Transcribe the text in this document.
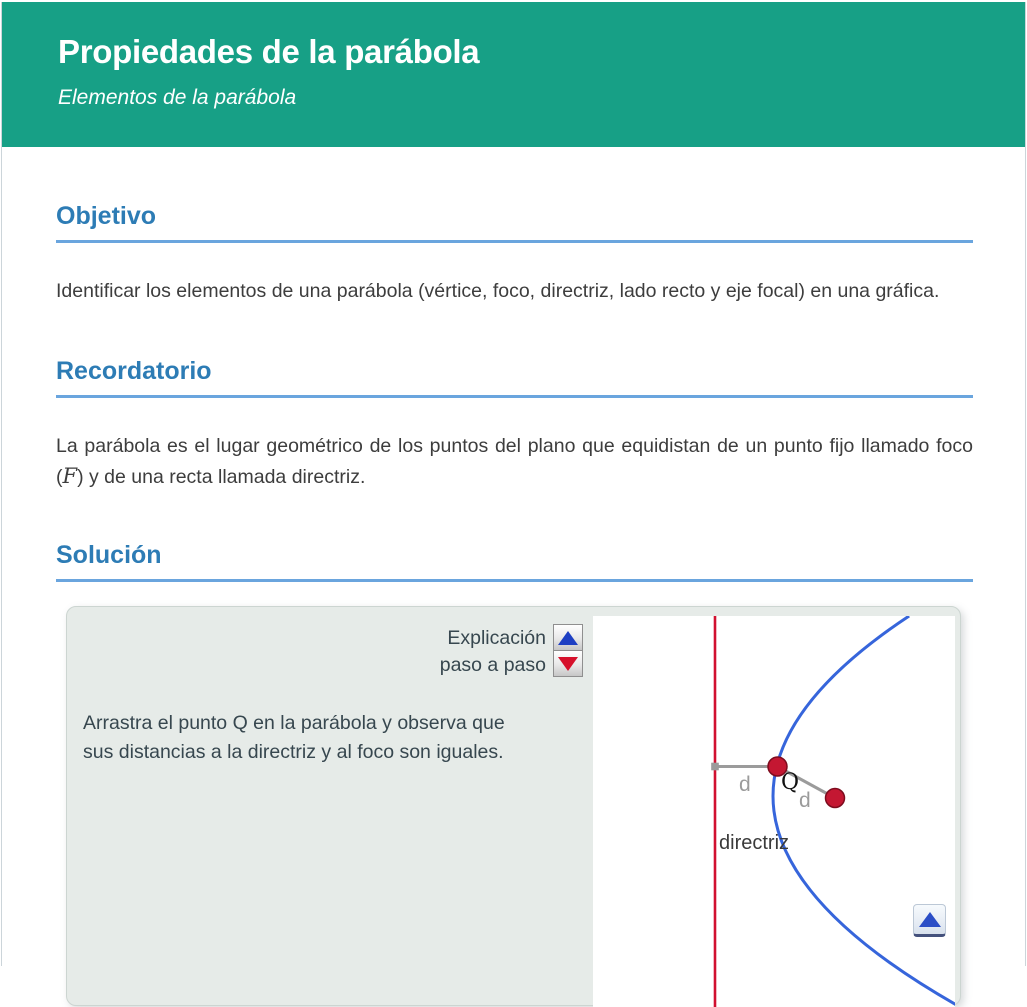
Propiedades de la parábola
Elementos de la parábola
Objetivo

Identificar los elementos de una parábola (vértice, foco, directriz, lado recto y eje focal) en una gráfica.

Recordatorio

La parábola es el lugar geométrico de los puntos del plano que equidistan de un punto fijo llamado foco (F) y de una recta llamada directriz.

Solución
Explicación
paso a paso
Arrastra el punto Q en la parábola y observa que
sus distancias a la directriz y al foco son iguales.
d
d
Q
directriz
